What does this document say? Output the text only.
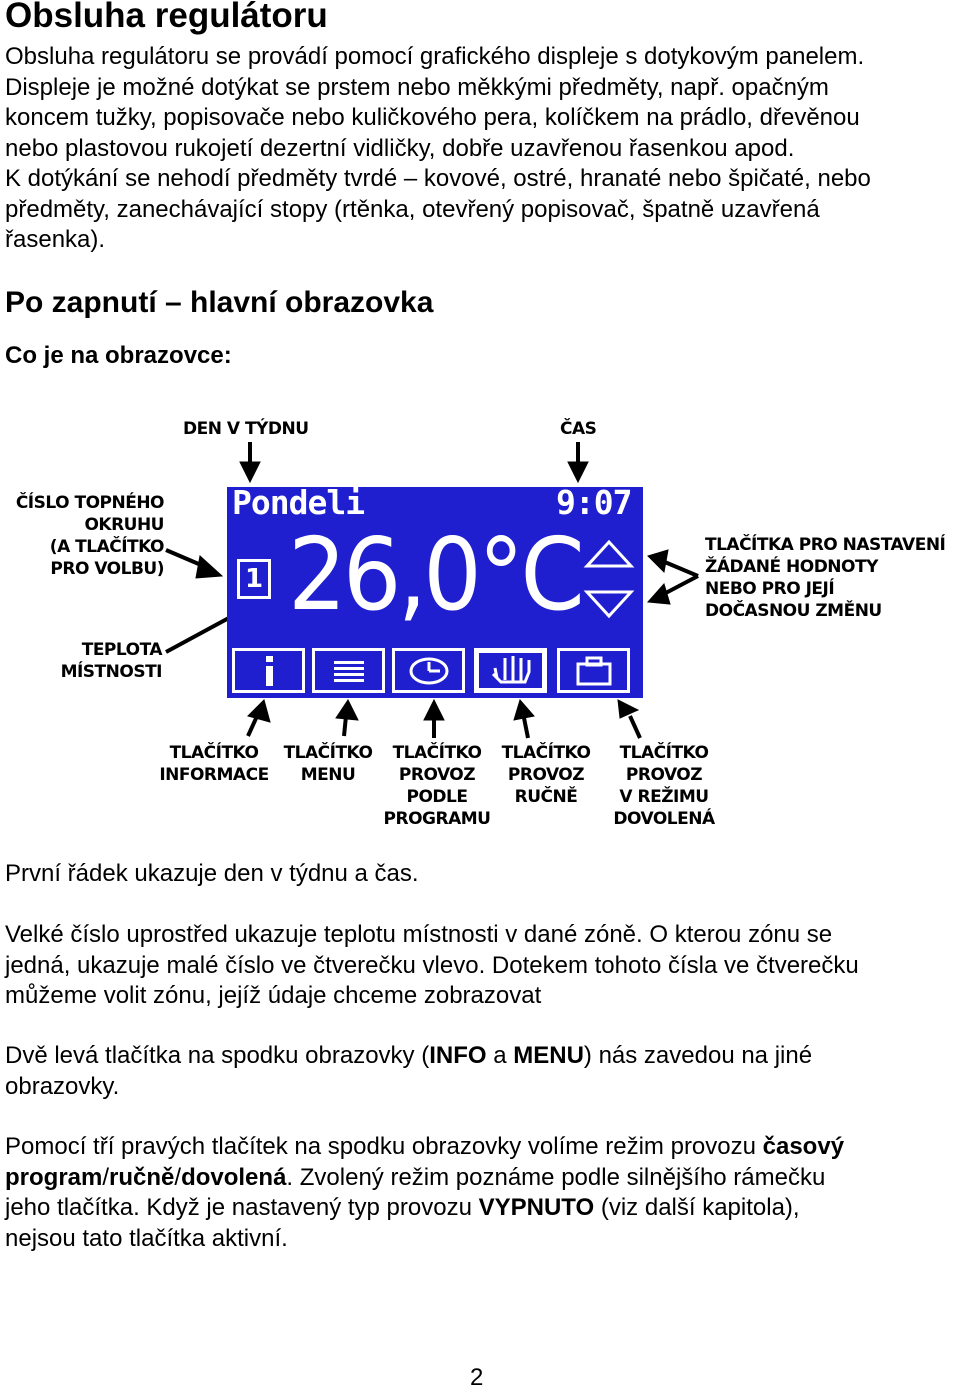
Obsluha regulátoru
Obsluha regulátoru se provádí pomocí grafického displeje s dotykovým panelem.
Displeje je možné dotýkat se prstem nebo měkkými předměty, např. opačným
koncem tužky, popisovače nebo kuličkového pera, kolíčkem na prádlo, dřevěnou
nebo plastovou rukojetí dezertní vidličky, dobře uzavřenou řasenkou apod.
K dotýkání se nehodí předměty tvrdé – kovové, ostré, hranaté nebo špičaté, nebo
předměty, zanechávající stopy (rtěnka, otevřený popisovač, špatně uzavřená
řasenka).
Po zapnutí – hlavní obrazovka
Co je na obrazovce:
DEN V TÝDNU	ČAS
ČÍSLO TOPNÉHO
OKRUHU
(A TLAČÍTKO
PRO VOLBU)
TEPLOTA
MÍSTNOSTI
TLAČÍTKA PRO NASTAVENÍ
ŽÁDANÉ HODNOTY
NEBO PRO JEJÍ
DOČASNOU ZMĚNU
TLAČÍTKO
INFORMACE
TLAČÍTKO
MENU
TLAČÍTKO
PROVOZ
PODLE
PROGRAMU
TLAČÍTKO
PROVOZ
RUČNĚ
TLAČÍTKO
PROVOZ
V REŽIMU
DOVOLENÁ
Pondeli	9:07
1 26,0°C
První řádek ukazuje den v týdnu a čas.
Velké číslo uprostřed ukazuje teplotu místnosti v dané zóně. O kterou zónu se
jedná, ukazuje malé číslo ve čtverečku vlevo. Dotekem tohoto čísla ve čtverečku
můžeme volit zónu, jejíž údaje chceme zobrazovat
Dvě levá tlačítka na spodku obrazovky (INFO a MENU) nás zavedou na jiné
obrazovky.
Pomocí tří pravých tlačítek na spodku obrazovky volíme režim provozu časový
program/ručně/dovolená. Zvolený režim poznáme podle silnějšího rámečku
jeho tlačítka. Když je nastavený typ provozu VYPNUTO (viz další kapitola),
nejsou tato tlačítka aktivní.
2
